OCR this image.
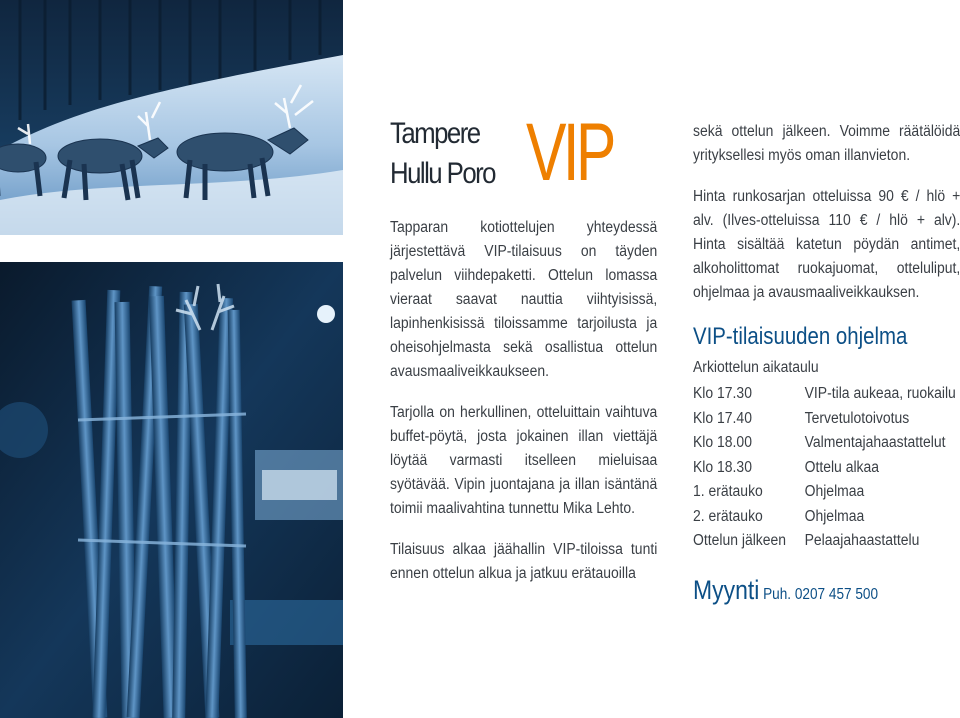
Tampere
Hullu Poro VIP

Tapparan kotiottelujen yhteydessä järjestettävä VIP-tilaisuus on täyden palvelun viihdepaketti. Ottelun lomassa vieraat saavat nauttia viihtyisissä, lapinhenkisissä tiloissamme tarjoilusta ja oheisohjelmasta sekä osallistua ottelun avausmaaliveikkaukseen.

Tarjolla on herkullinen, otteluittain vaihtuva buffet-pöytä, josta jokainen illan viettäjä löytää varmasti itselleen mieluisaa syötävää. Vipin juontajana ja illan isäntänä toimii maalivahtina tunnettu Mika Lehto.

Tilaisuus alkaa jäähallin VIP-tiloissa tunti ennen ottelun alkua ja jatkuu erätauoilla

sekä ottelun jälkeen. Voimme räätälöidä yrityksellesi myös oman illanvieton.

Hinta runkosarjan otteluissa 90 € / hlö + alv. (Ilves-otteluissa 110 € / hlö + alv). Hinta sisältää katetun pöydän antimet, alkoholittomat ruokajuomat, otteluliput, ohjelmaa ja avausmaaliveikkauksen.

VIP-tilaisuuden ohjelma

Arkiottelun aikataulu

Klo 17.30	VIP-tila aukeaa, ruokailu
Klo 17.40	Tervetulotoivotus
Klo 18.00	Valmentajahaastattelut
Klo 18.30	Ottelu alkaa
1. erätauko	Ohjelmaa
2. erätauko	Ohjelmaa
Ottelun jälkeen	Pelaajahaastattelu
Myynti Puh. 0207 457 500
